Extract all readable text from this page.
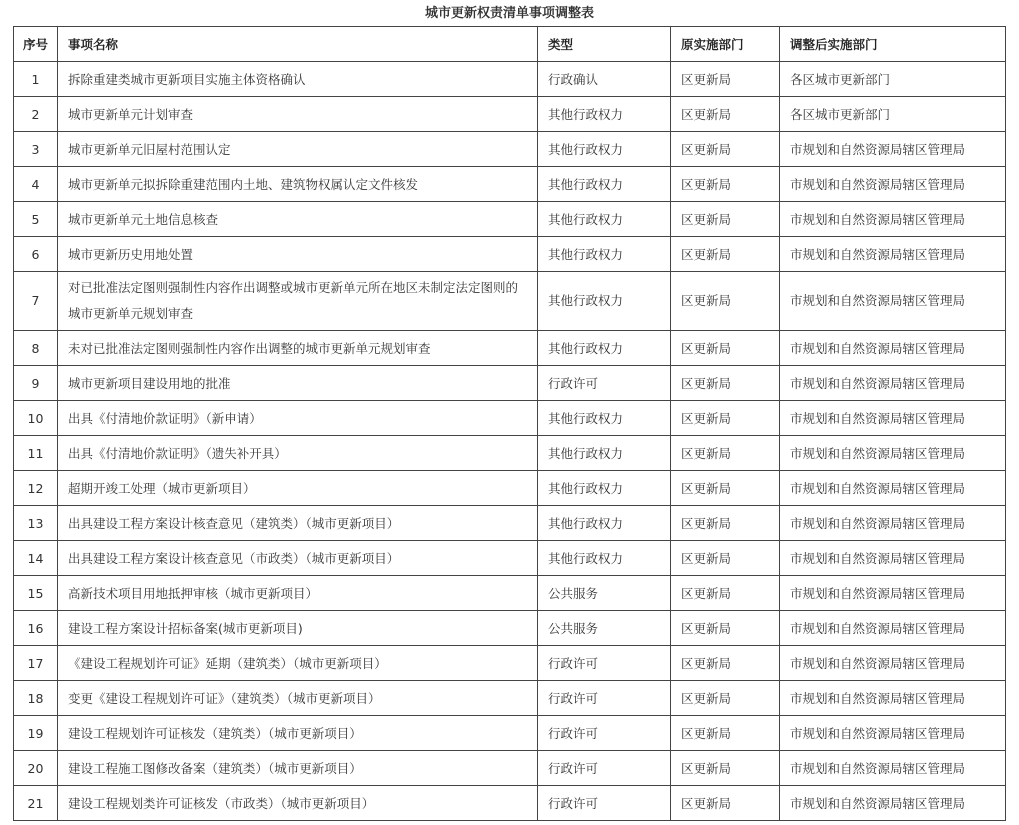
城市更新权责清单事项调整表
序号	事项名称	类型	原实施部门	调整后实施部门
1	拆除重建类城市更新项目实施主体资格确认	行政确认	区更新局	各区城市更新部门
2	城市更新单元计划审查	其他行政权力	区更新局	各区城市更新部门
3	城市更新单元旧屋村范围认定	其他行政权力	区更新局	市规划和自然资源局辖区管理局
4	城市更新单元拟拆除重建范围内土地、建筑物权属认定文件核发	其他行政权力	区更新局	市规划和自然资源局辖区管理局
5	城市更新单元土地信息核查	其他行政权力	区更新局	市规划和自然资源局辖区管理局
6	城市更新历史用地处置	其他行政权力	区更新局	市规划和自然资源局辖区管理局
7	对已批准法定图则强制性内容作出调整或城市更新单元所在地区未制定法定图则的城市更新单元规划审查	其他行政权力	区更新局	市规划和自然资源局辖区管理局
8	未对已批准法定图则强制性内容作出调整的城市更新单元规划审查	其他行政权力	区更新局	市规划和自然资源局辖区管理局
9	城市更新项目建设用地的批准	行政许可	区更新局	市规划和自然资源局辖区管理局
10	出具《付清地价款证明》（新申请）	其他行政权力	区更新局	市规划和自然资源局辖区管理局
11	出具《付清地价款证明》（遗失补开具）	其他行政权力	区更新局	市规划和自然资源局辖区管理局
12	超期开竣工处理（城市更新项目）	其他行政权力	区更新局	市规划和自然资源局辖区管理局
13	出具建设工程方案设计核查意见（建筑类）（城市更新项目）	其他行政权力	区更新局	市规划和自然资源局辖区管理局
14	出具建设工程方案设计核查意见（市政类）（城市更新项目）	其他行政权力	区更新局	市规划和自然资源局辖区管理局
15	高新技术项目用地抵押审核（城市更新项目）	公共服务	区更新局	市规划和自然资源局辖区管理局
16	建设工程方案设计招标备案(城市更新项目)	公共服务	区更新局	市规划和自然资源局辖区管理局
17	《建设工程规划许可证》延期（建筑类）（城市更新项目）	行政许可	区更新局	市规划和自然资源局辖区管理局
18	变更《建设工程规划许可证》（建筑类）（城市更新项目）	行政许可	区更新局	市规划和自然资源局辖区管理局
19	建设工程规划许可证核发（建筑类）（城市更新项目）	行政许可	区更新局	市规划和自然资源局辖区管理局
20	建设工程施工图修改备案（建筑类）（城市更新项目）	行政许可	区更新局	市规划和自然资源局辖区管理局
21	建设工程规划类许可证核发（市政类）（城市更新项目）	行政许可	区更新局	市规划和自然资源局辖区管理局
